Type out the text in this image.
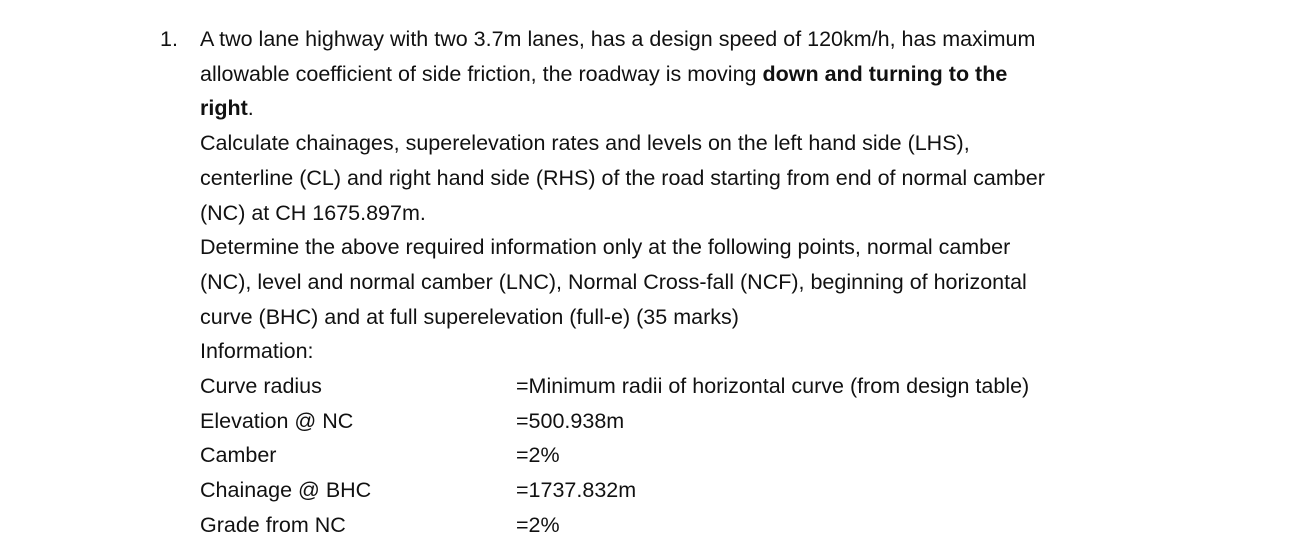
1. A two lane highway with two 3.7m lanes, has a design speed of 120km/h, has maximum
allowable coefficient of side friction, the roadway is moving down and turning to the
right.
Calculate chainages, superelevation rates and levels on the left hand side (LHS),
centerline (CL) and right hand side (RHS) of the road starting from end of normal camber
(NC) at CH 1675.897m.
Determine the above required information only at the following points, normal camber
(NC), level and normal camber (LNC), Normal Cross-fall (NCF), beginning of horizontal
curve (BHC) and at full superelevation (full-e) (35 marks)
Information:
Curve radius	=Minimum radii of horizontal curve (from design table)
Elevation @ NC	=500.938m
Camber	=2%
Chainage @ BHC	=1737.832m
Grade from NC	=2%
